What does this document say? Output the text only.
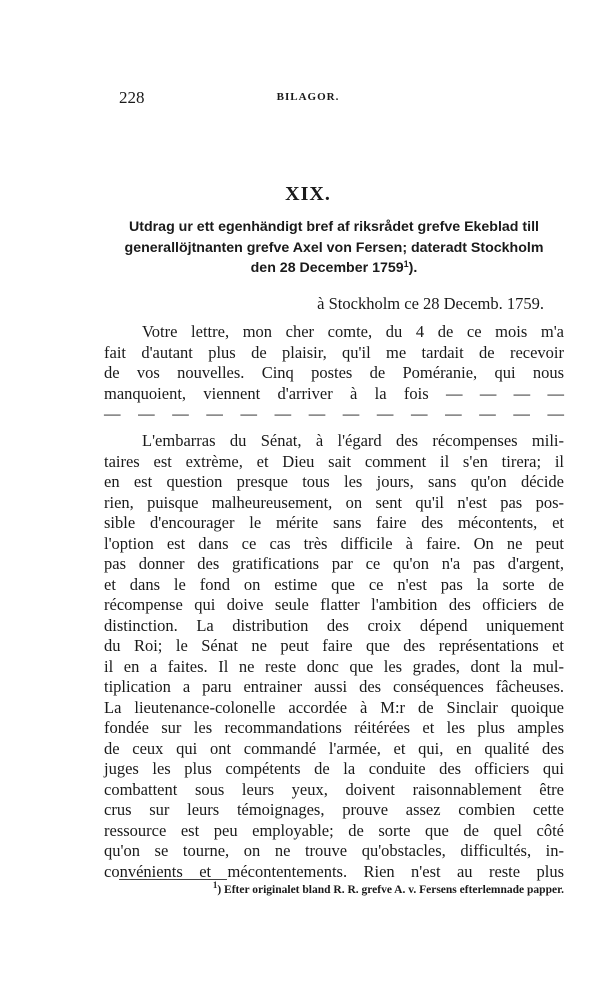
228	BILAGOR.
XIX.
Utdrag ur ett egenhändigt bref af riksrådet grefve Ekeblad till
generallöjtnanten grefve Axel von Fersen; dateradt Stockholm
den 28 December 1759$^1$).
à Stockholm ce 28 Decemb. 1759.
Votre lettre, mon cher comte, du 4 de ce mois m'a
fait d'autant plus de plaisir, qu'il me tardait de recevoir
de vos nouvelles. Cinq postes de Poméranie, qui nous
manquoient, viennent d'arriver à la fois — — — —
— — — — — — — — — — — — — —
L'embarras du Sénat, à l'égard des récompenses mili-
taires est extrème, et Dieu sait comment il s'en tirera; il
en est question presque tous les jours, sans qu'on décide
rien, puisque malheureusement, on sent qu'il n'est pas pos-
sible d'encourager le mérite sans faire des mécontents, et
l'option est dans ce cas très difficile à faire. On ne peut
pas donner des gratifications par ce qu'on n'a pas d'argent,
et dans le fond on estime que ce n'est pas la sorte de
récompense qui doive seule flatter l'ambition des officiers de
distinction. La distribution des croix dépend uniquement
du Roi; le Sénat ne peut faire que des représentations et
il en a faites. Il ne reste donc que les grades, dont la mul-
tiplication a paru entrainer aussi des conséquences fâcheuses.
La lieutenance-colonelle accordée à M:r de Sinclair quoique
fondée sur les recommandations réitérées et les plus amples
de ceux qui ont commandé l'armée, et qui, en qualité des
juges les plus compétents de la conduite des officiers qui
combattent sous leurs yeux, doivent raisonnablement être
crus sur leurs témoignages, prouve assez combien cette
ressource est peu employable; de sorte que de quel côté
qu'on se tourne, on ne trouve qu'obstacles, difficultés, in-
convénients et mécontentements. Rien n'est au reste plus
$^1$) Efter originalet bland R. R. grefve A. v. Fersens efterlemnade papper.
